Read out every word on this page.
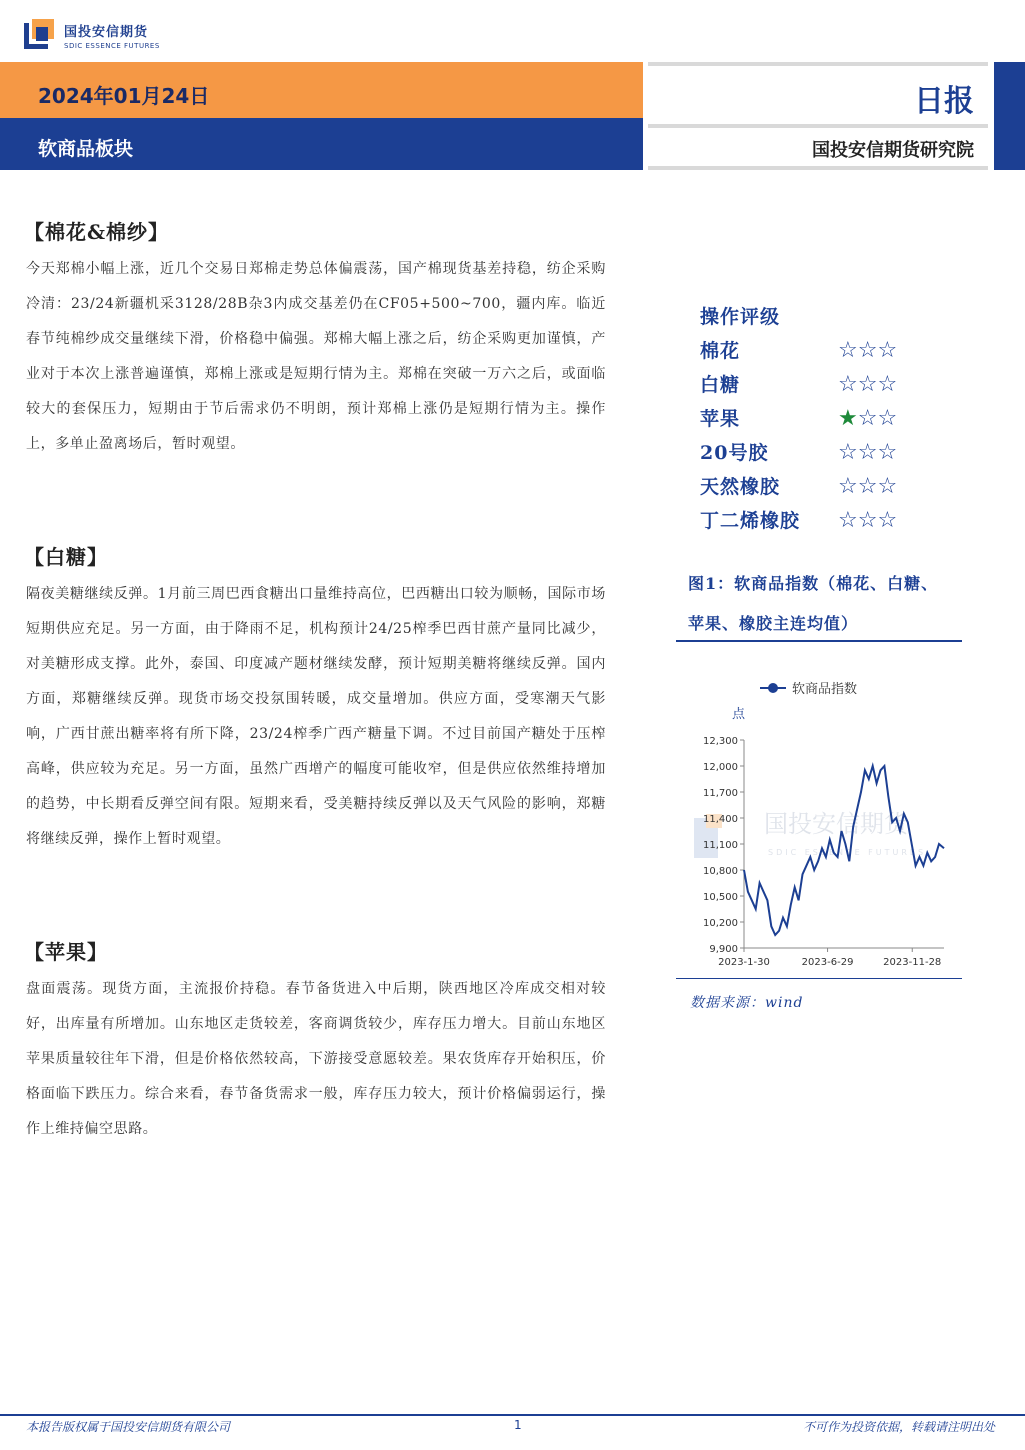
国投安信期货
SDIC ESSENCE FUTURES
2024年01月24日
软商品板块
日报
国投安信期货研究院
【棉花&棉纱】
今天郑棉小幅上涨，近几个交易日郑棉走势总体偏震荡，国产棉现货基差持稳，纺企采购冷清：23/24新疆机采3128/28B杂3内成交基差仍在CF05+500~700，疆内库。临近春节纯棉纱成交量继续下滑，价格稳中偏强。郑棉大幅上涨之后，纺企采购更加谨慎，产业对于本次上涨普遍谨慎，郑棉上涨或是短期行情为主。郑棉在突破一万六之后，或面临较大的套保压力，短期由于节后需求仍不明朗，预计郑棉上涨仍是短期行情为主。操作上，多单止盈离场后，暂时观望。
【白糖】
隔夜美糖继续反弹。1月前三周巴西食糖出口量维持高位，巴西糖出口较为顺畅，国际市场短期供应充足。另一方面，由于降雨不足，机构预计24/25榨季巴西甘蔗产量同比减少，对美糖形成支撑。此外，泰国、印度减产题材继续发酵，预计短期美糖将继续反弹。国内方面，郑糖继续反弹。现货市场交投氛围转暖，成交量增加。供应方面，受寒潮天气影响，广西甘蔗出糖率将有所下降，23/24榨季广西产糖量下调。不过目前国产糖处于压榨高峰，供应较为充足。另一方面，虽然广西增产的幅度可能收窄，但是供应依然维持增加的趋势，中长期看反弹空间有限。短期来看，受美糖持续反弹以及天气风险的影响，郑糖将继续反弹，操作上暂时观望。
【苹果】
盘面震荡。现货方面，主流报价持稳。春节备货进入中后期，陕西地区冷库成交相对较好，出库量有所增加。山东地区走货较差，客商调货较少，库存压力增大。目前山东地区苹果质量较往年下滑，但是价格依然较高，下游接受意愿较差。果农货库存开始积压，价格面临下跌压力。综合来看，春节备货需求一般，库存压力较大，预计价格偏弱运行，操作上维持偏空思路。
操作评级
棉花	☆☆☆
白糖	☆☆☆
苹果	★☆☆
20号胶	☆☆☆
天然橡胶	☆☆☆
丁二烯橡胶	☆☆☆
图1：软商品指数（棉花、白糖、苹果、橡胶主连均值）
国投安信期货
SDIC ESSENCE FUTURES
软商品指数
点
9,900
10,200
10,500
10,800
11,100
11,400
11,700
12,000
12,300
2023-1-30	2023-6-29	2023-11-28
数据来源：wind
本报告版权属于国投安信期货有限公司	1	不可作为投资依据，转载请注明出处
